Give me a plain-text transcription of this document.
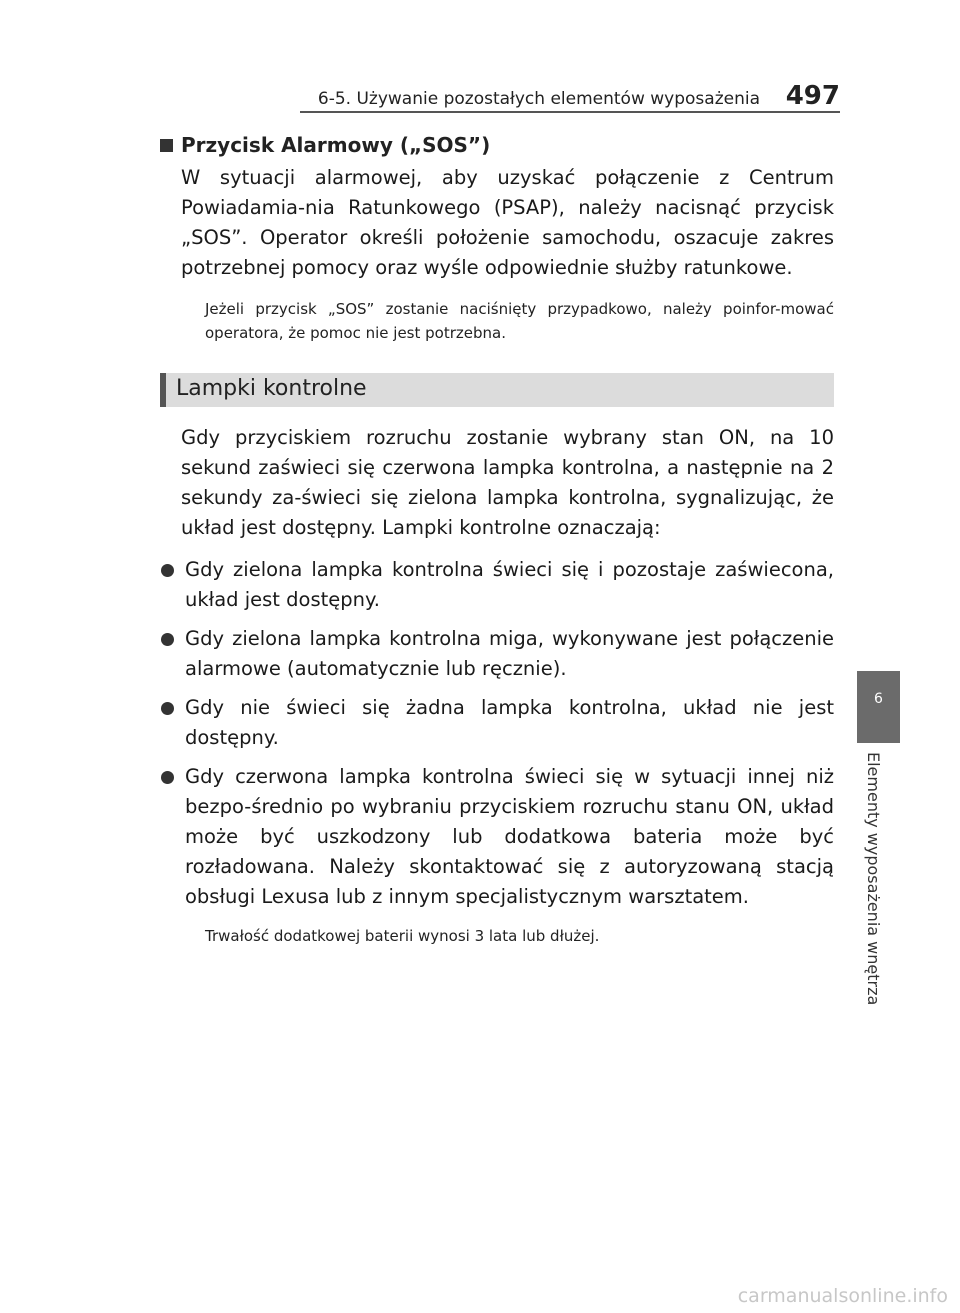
6-5. Używanie pozostałych elementów wyposażenia 497
6
Elementy wyposażenia wnętrza
Przycisk Alarmowy („SOS”)

W sytuacji alarmowej, aby uzyskać połączenie z Centrum Powiadamia-nia Ratunkowego (PSAP), należy nacisnąć przycisk „SOS”. Operator określi położenie samochodu, oszacuje zakres potrzebnej pomocy oraz wyśle odpowiednie służby ratunkowe.

Jeżeli przycisk „SOS” zostanie naciśnięty przypadkowo, należy poinfor-mować operatora, że pomoc nie jest potrzebna.

Lampki kontrolne

Gdy przyciskiem rozruchu zostanie wybrany stan ON, na 10 sekund zaświeci się czerwona lampka kontrolna, a następnie na 2 sekundy za-świeci się zielona lampka kontrolna, sygnalizując, że układ jest dostępny. Lampki kontrolne oznaczają:

Gdy zielona lampka kontrolna świeci się i pozostaje zaświecona, układ jest dostępny.
Gdy zielona lampka kontrolna miga, wykonywane jest połączenie alarmowe (automatycznie lub ręcznie).
Gdy nie świeci się żadna lampka kontrolna, układ nie jest dostępny.
Gdy czerwona lampka kontrolna świeci się w sytuacji innej niż bezpo-średnio po wybraniu przyciskiem rozruchu stanu ON, układ może być uszkodzony lub dodatkowa bateria może być rozładowana. Należy skontaktować się z autoryzowaną stacją obsługi Lexusa lub z innym specjalistycznym warsztatem.

Trwałość dodatkowej baterii wynosi 3 lata lub dłużej.

carmanualsonline.info
